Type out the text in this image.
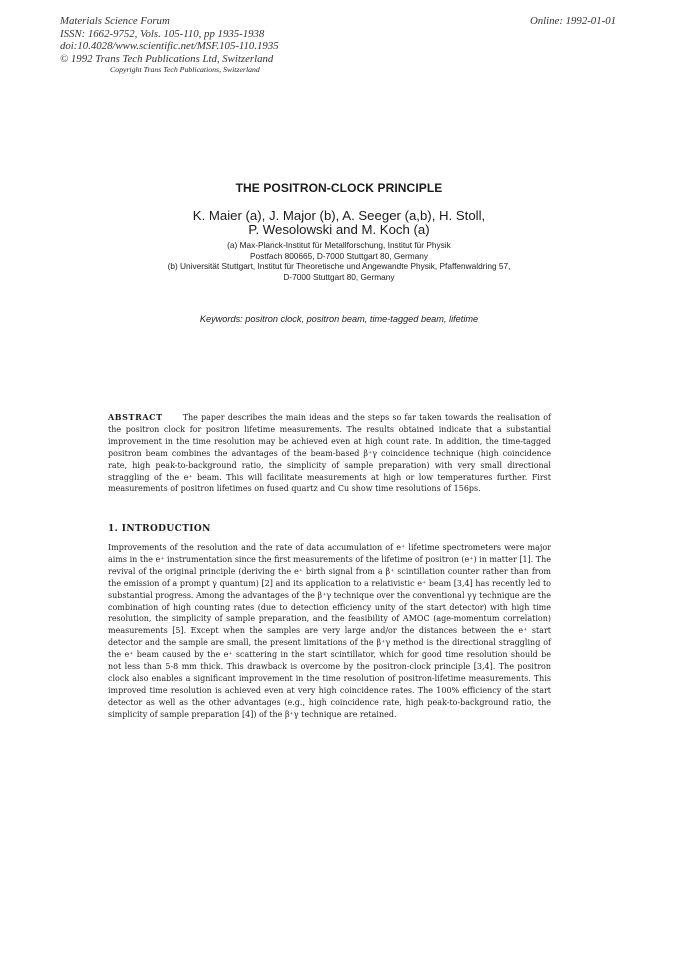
Materials Science Forum
ISSN: 1662-9752, Vols. 105-110, pp 1935-1938
doi:10.4028/www.scientific.net/MSF.105-110.1935
© 1992 Trans Tech Publications Ltd, Switzerland
Online: 1992-01-01
Copyright Trans Tech Publications, Switzerland
THE POSITRON-CLOCK PRINCIPLE
K. Maier (a), J. Major (b), A. Seeger (a,b), H. Stoll,
P. Wesolowski and M. Koch (a)
(a) Max-Planck-Institut für Metallforschung, Institut für Physik
Postfach 800665, D-7000 Stuttgart 80, Germany
(b) Universität Stuttgart, Institut für Theoretische und Angewandte Physik, Pfaffenwaldring 57,
D-7000 Stuttgart 80, Germany
Keywords: positron clock, positron beam, time-tagged beam, lifetime
ABSTRACT	The paper describes the main ideas and the steps so far taken towards the realisation of the positron clock for positron lifetime measurements. The results obtained indicate that a substantial improvement in the time resolution may be achieved even at high count rate. In addition, the time-tagged positron beam combines the advantages of the beam-based β⁺γ coincidence technique (high coincidence rate, high peak-to-background ratio, the simplicity of sample preparation) with very small directional straggling of the e⁺ beam. This will facilitate measurements at high or low temperatures further. First measurements of positron lifetimes on fused quartz and Cu show time resolutions of 156ps.
1. INTRODUCTION
Improvements of the resolution and the rate of data accumulation of e⁺ lifetime spectrometers were major aims in the e⁺ instrumentation since the first measurements of the lifetime of positron (e⁺) in matter [1]. The revival of the original principle (deriving the e⁺ birth signal from a β⁺ scintillation counter rather than from the emission of a prompt γ quantum) [2] and its application to a relativistic e⁺ beam [3,4] has recently led to substantial progress. Among the advantages of the β⁺γ technique over the conventional γγ technique are the combination of high counting rates (due to detection efficiency unity of the start detector) with high time resolution, the simplicity of sample preparation, and the feasibility of AMOC (age-momentum correlation) measurements [5]. Except when the samples are very large and/or the distances between the e⁺ start detector and the sample are small, the present limitations of the β⁺γ method is the directional straggling of the e⁺ beam caused by the e⁺ scattering in the start scintillator, which for good time resolution should be not less than 5-8 mm thick. This drawback is overcome by the positron-clock principle [3,4]. The positron clock also enables a significant improvement in the time resolution of positron-lifetime measurements. This improved time resolution is achieved even at very high coincidence rates. The 100% efficiency of the start detector as well as the other advantages (e.g., high coincidence rate, high peak-to-background ratio, the simplicity of sample preparation [4]) of the β⁺γ technique are retained.
